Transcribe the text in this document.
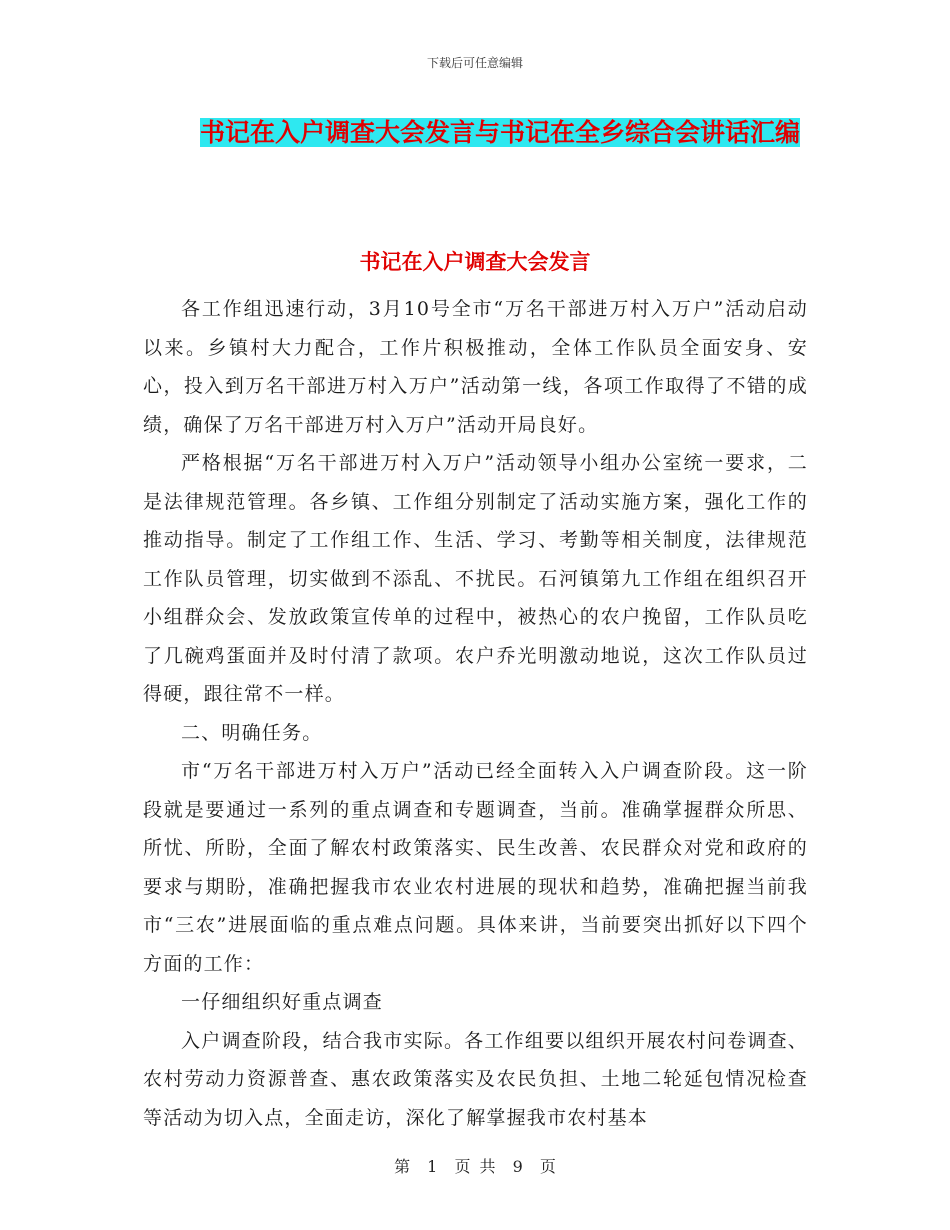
下载后可任意编辑
书记在入户调查大会发言与书记在全乡综合会讲话汇编
书记在入户调查大会发言

各工作组迅速行动，3月10号全市“万名干部进万村入万户”活动启动以来。乡镇村大力配合，工作片积极推动，全体工作队员全面安身、安心，投入到万名干部进万村入万户”活动第一线，各项工作取得了不错的成绩，确保了万名干部进万村入万户”活动开局良好。

严格根据“万名干部进万村入万户”活动领导小组办公室统一要求，二是法律规范管理。各乡镇、工作组分别制定了活动实施方案，强化工作的推动指导。制定了工作组工作、生活、学习、考勤等相关制度，法律规范工作队员管理，切实做到不添乱、不扰民。石河镇第九工作组在组织召开小组群众会、发放政策宣传单的过程中，被热心的农户挽留，工作队员吃了几碗鸡蛋面并及时付清了款项。农户乔光明激动地说，这次工作队员过得硬，跟往常不一样。

二、明确任务。

市“万名干部进万村入万户”活动已经全面转入入户调查阶段。这一阶段就是要通过一系列的重点调查和专题调查，当前。准确掌握群众所思、所忧、所盼，全面了解农村政策落实、民生改善、农民群众对党和政府的要求与期盼，准确把握我市农业农村进展的现状和趋势，准确把握当前我市“三农”进展面临的重点难点问题。具体来讲，当前要突出抓好以下四个方面的工作：

一仔细组织好重点调查

入户调查阶段，结合我市实际。各工作组要以组织开展农村问卷调查、农村劳动力资源普查、惠农政策落实及农民负担、土地二轮延包情况检查等活动为切入点，全面走访，深化了解掌握我市农村基本

第 1 页 共 9 页
